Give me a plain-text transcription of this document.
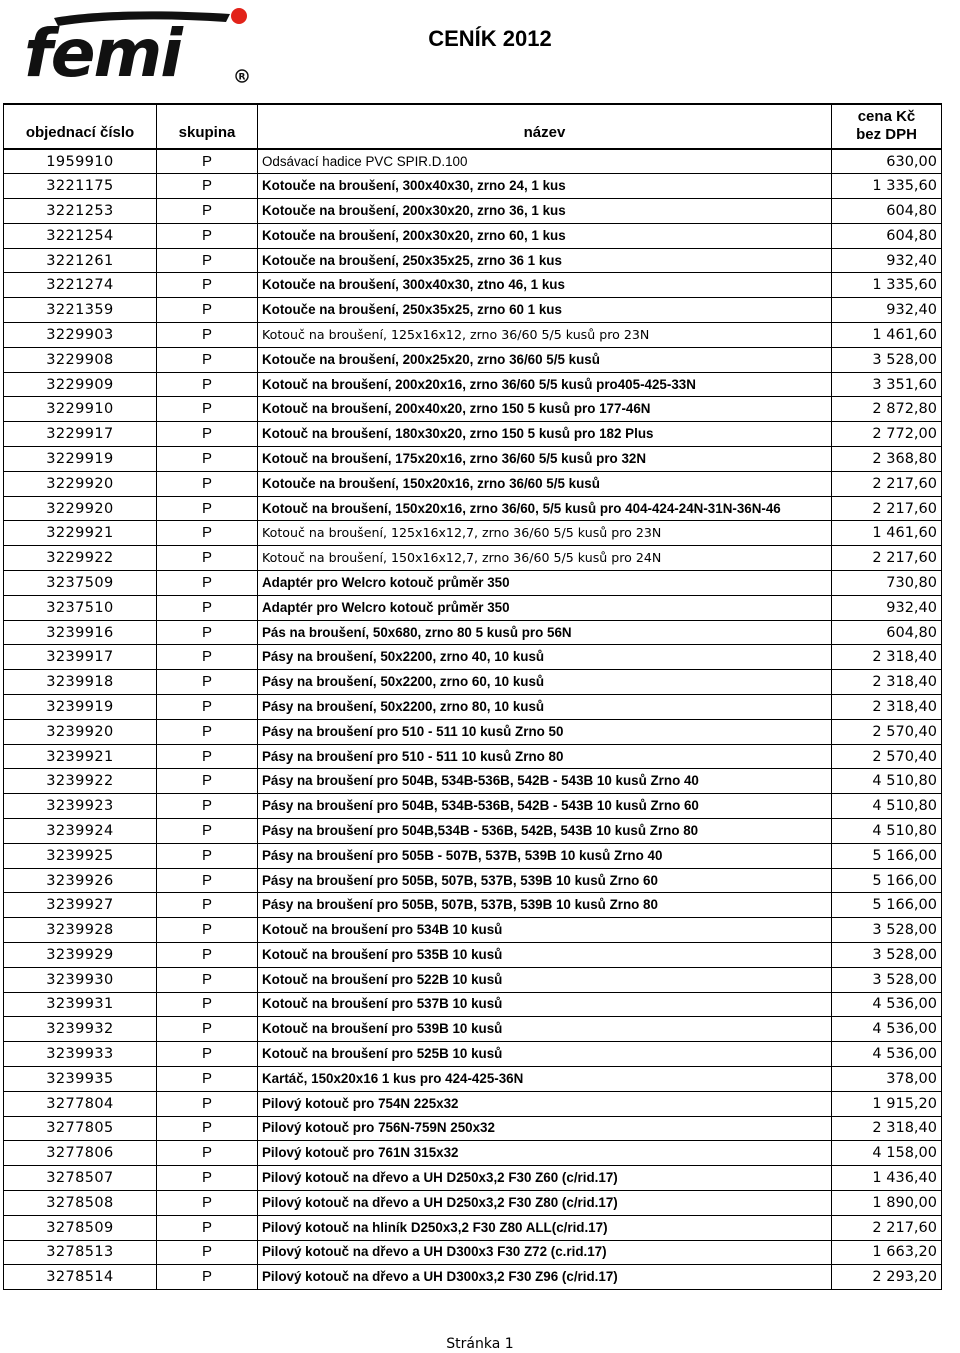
femi	R
CENÍK 2012
objednací číslo	skupina	název	cena Kč
bez DPH

1959910	P	Odsávací hadice PVC SPIR.D.100	630,00
3221175	P	Kotouče na broušení, 300x40x30, zrno 24, 1 kus	1 335,60
3221253	P	Kotouče na broušení, 200x30x20, zrno 36, 1 kus	604,80
3221254	P	Kotouče na broušení, 200x30x20, zrno 60, 1 kus	604,80
3221261	P	Kotouče na broušení, 250x35x25, zrno 36 1 kus	932,40
3221274	P	Kotouče na broušení, 300x40x30, ztno 46, 1 kus	1 335,60
3221359	P	Kotouče na broušení, 250x35x25, zrno 60 1 kus	932,40
3229903	P	Kotouč na broušení, 125x16x12, zrno 36/60 5/5 kusů pro 23N	1 461,60
3229908	P	Kotouče na broušení, 200x25x20, zrno 36/60 5/5 kusů	3 528,00
3229909	P	Kotouč na broušení, 200x20x16, zrno 36/60 5/5 kusů pro405-425-33N	3 351,60
3229910	P	Kotouč na broušení, 200x40x20, zrno 150 5 kusů pro 177-46N	2 872,80
3229917	P	Kotouč na broušení, 180x30x20, zrno 150 5 kusů pro 182 Plus	2 772,00
3229919	P	Kotouč na broušení, 175x20x16, zrno 36/60 5/5 kusů pro 32N	2 368,80
3229920	P	Kotouče na broušení, 150x20x16, zrno 36/60 5/5 kusů	2 217,60
3229920	P	Kotouč na broušení, 150x20x16, zrno 36/60, 5/5 kusů pro 404-424-24N-31N-36N-46	2 217,60
3229921	P	Kotouč na broušení, 125x16x12,7, zrno 36/60 5/5 kusů pro 23N	1 461,60
3229922	P	Kotouč na broušení, 150x16x12,7, zrno 36/60 5/5 kusů pro 24N	2 217,60
3237509	P	Adaptér pro Welcro kotouč průměr 350	730,80
3237510	P	Adaptér pro Welcro kotouč průměr 350	932,40
3239916	P	Pás na broušení, 50x680, zrno 80 5 kusů pro 56N	604,80
3239917	P	Pásy na broušení, 50x2200, zrno 40, 10 kusů	2 318,40
3239918	P	Pásy na broušení, 50x2200, zrno 60, 10 kusů	2 318,40
3239919	P	Pásy na broušení, 50x2200, zrno 80, 10 kusů	2 318,40
3239920	P	Pásy na broušení pro 510 - 511 10 kusů Zrno 50	2 570,40
3239921	P	Pásy na broušení pro 510 - 511 10 kusů Zrno 80	2 570,40
3239922	P	Pásy na broušení pro 504B, 534B-536B, 542B - 543B 10 kusů Zrno 40	4 510,80
3239923	P	Pásy na broušení pro 504B, 534B-536B, 542B - 543B 10 kusů Zrno 60	4 510,80
3239924	P	Pásy na broušení pro 504B,534B - 536B, 542B, 543B 10 kusů Zrno 80	4 510,80
3239925	P	Pásy na broušení pro 505B - 507B, 537B, 539B 10 kusů Zrno 40	5 166,00
3239926	P	Pásy na broušení pro 505B, 507B, 537B, 539B 10 kusů Zrno 60	5 166,00
3239927	P	Pásy na broušení pro 505B, 507B, 537B, 539B 10 kusů Zrno 80	5 166,00
3239928	P	Kotouč na broušení pro 534B 10 kusů	3 528,00
3239929	P	Kotouč na broušení pro 535B 10 kusů	3 528,00
3239930	P	Kotouč na broušení pro 522B 10 kusů	3 528,00
3239931	P	Kotouč na broušení pro 537B 10 kusů	4 536,00
3239932	P	Kotouč na broušení pro 539B 10 kusů	4 536,00
3239933	P	Kotouč na broušení pro 525B 10 kusů	4 536,00
3239935	P	Kartáč, 150x20x16 1 kus pro 424-425-36N	378,00
3277804	P	Pilový kotouč pro 754N 225x32	1 915,20
3277805	P	Pilový kotouč pro 756N-759N 250x32	2 318,40
3277806	P	Pilový kotouč pro 761N 315x32	4 158,00
3278507	P	Pilový kotouč na dřevo a UH D250x3,2 F30 Z60 (c/rid.17)	1 436,40
3278508	P	Pilový kotouč na dřevo a UH D250x3,2 F30 Z80 (c/rid.17)	1 890,00
3278509	P	Pilový kotouč na hliník D250x3,2 F30 Z80 ALL(c/rid.17)	2 217,60
3278513	P	Pilový kotouč na dřevo a UH D300x3 F30 Z72 (c.rid.17)	1 663,20
3278514	P	Pilový kotouč na dřevo a UH D300x3,2 F30 Z96 (c/rid.17)	2 293,20
Stránka 1
